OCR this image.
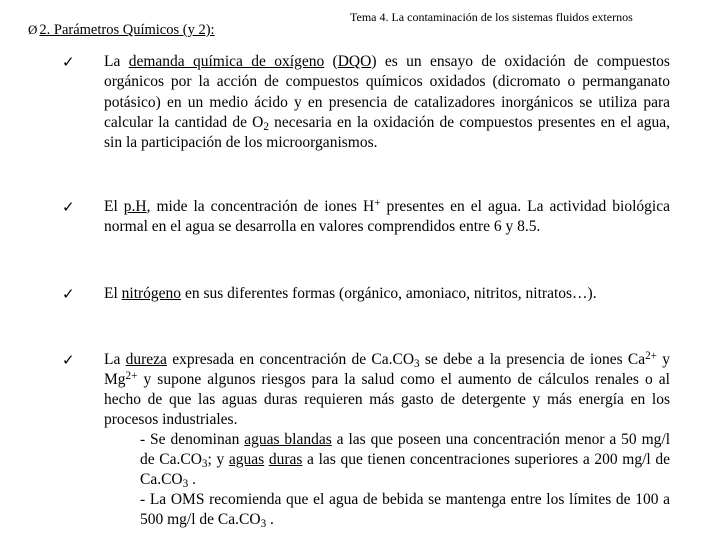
Tema 4. La contaminación de los sistemas fluidos externos
Ø 2. Parámetros Químicos (y 2):
✓ La demanda química de oxígeno (DQO) es un ensayo de oxidación de compuestos orgánicos por la acción de compuestos químicos oxidados (dicromato o permanganato potásico) en un medio ácido y en presencia de catalizadores inorgánicos se utiliza para calcular la cantidad de $O_2$ necesaria en la oxidación de compuestos presentes en el agua, sin la participación de los microorganismos.
✓ El p.H, mide la concentración de iones H+ presentes en el agua. La actividad biológica normal en el agua se desarrolla en valores comprendidos entre 6 y 8.5.
✓ El nitrógeno en sus diferentes formas (orgánico, amoniaco, nitritos, nitratos…).
✓ La dureza expresada en concentración de $Ca.CO_3$ se debe a la presencia de iones $Ca^{2+}$ y $Mg^{2+}$ y supone algunos riesgos para la salud como el aumento de cálculos renales o al hecho de que las aguas duras requieren más gasto de detergente y más energía en los procesos industriales.
- Se denominan aguas blandas a las que poseen una concentración menor a 50 mg/l de $Ca.CO_3$; y aguas duras a las que tienen concentraciones superiores a 200 mg/l de $Ca.CO_3$ .
- La OMS recomienda que el agua de bebida se mantenga entre los límites de 100 a 500 mg/l de $Ca.CO_3$ .
